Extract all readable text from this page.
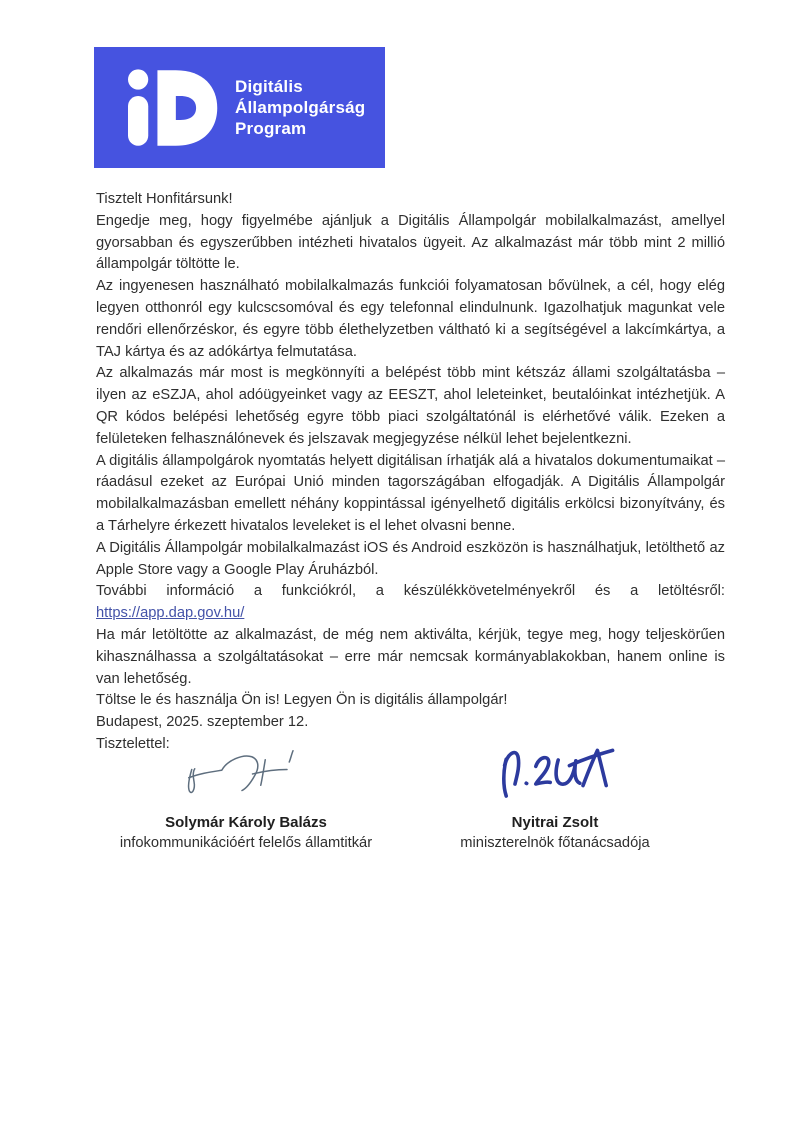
Digitális
Állampolgárság
Program

Tisztelt Honfitársunk!

Engedje meg, hogy figyelmébe ajánljuk a Digitális Állampolgár mobilalkalmazást, amellyel gyorsabban és egyszerűbben intézheti hivatalos ügyeit. Az alkalmazást már több mint 2 millió állampolgár töltötte le.

Az ingyenesen használható mobilalkalmazás funkciói folyamatosan bővülnek, a cél, hogy elég legyen otthonról egy kulcscsomóval és egy telefonnal elindulnunk. Igazolhatjuk magunkat vele rendőri ellenőrzéskor, és egyre több élethelyzetben váltható ki a segítségével a lakcímkártya, a TAJ kártya és az adókártya felmutatása.

Az alkalmazás már most is megkönnyíti a belépést több mint kétszáz állami szolgáltatásba – ilyen az eSZJA, ahol adóügyeinket vagy az EESZT, ahol leleteinket, beutalóinkat intézhetjük. A QR kódos belépési lehetőség egyre több piaci szolgáltatónál is elérhetővé válik. Ezeken a felületeken felhasználónevek és jelszavak megjegyzése nélkül lehet bejelentkezni.

A digitális állampolgárok nyomtatás helyett digitálisan írhatják alá a hivatalos dokumentumaikat – ráadásul ezeket az Európai Unió minden tagországában elfogadják. A Digitális Állampolgár mobilalkalmazásban emellett néhány koppintással igényelhető digitális erkölcsi bizonyítvány, és a Tárhelyre érkezett hivatalos leveleket is el lehet olvasni benne.

A Digitális Állampolgár mobilalkalmazást iOS és Android eszközön is használhatjuk, letölthető az Apple Store vagy a Google Play Áruházból.

További információ a funkciókról, a készülékkövetelményekről és a letöltésről: https://app.dap.gov.hu/

Ha már letöltötte az alkalmazást, de még nem aktiválta, kérjük, tegye meg, hogy teljeskörűen kihasználhassa a szolgáltatásokat – erre már nemcsak kormányablakokban, hanem online is van lehetőség.

Töltse le és használja Ön is! Legyen Ön is digitális állampolgár!

Budapest, 2025. szeptember 12.

Tisztelettel:

Solymár Károly Balázs
infokommunikációért felelős államtitkár
Nyitrai Zsolt
miniszterelnök főtanácsadója
